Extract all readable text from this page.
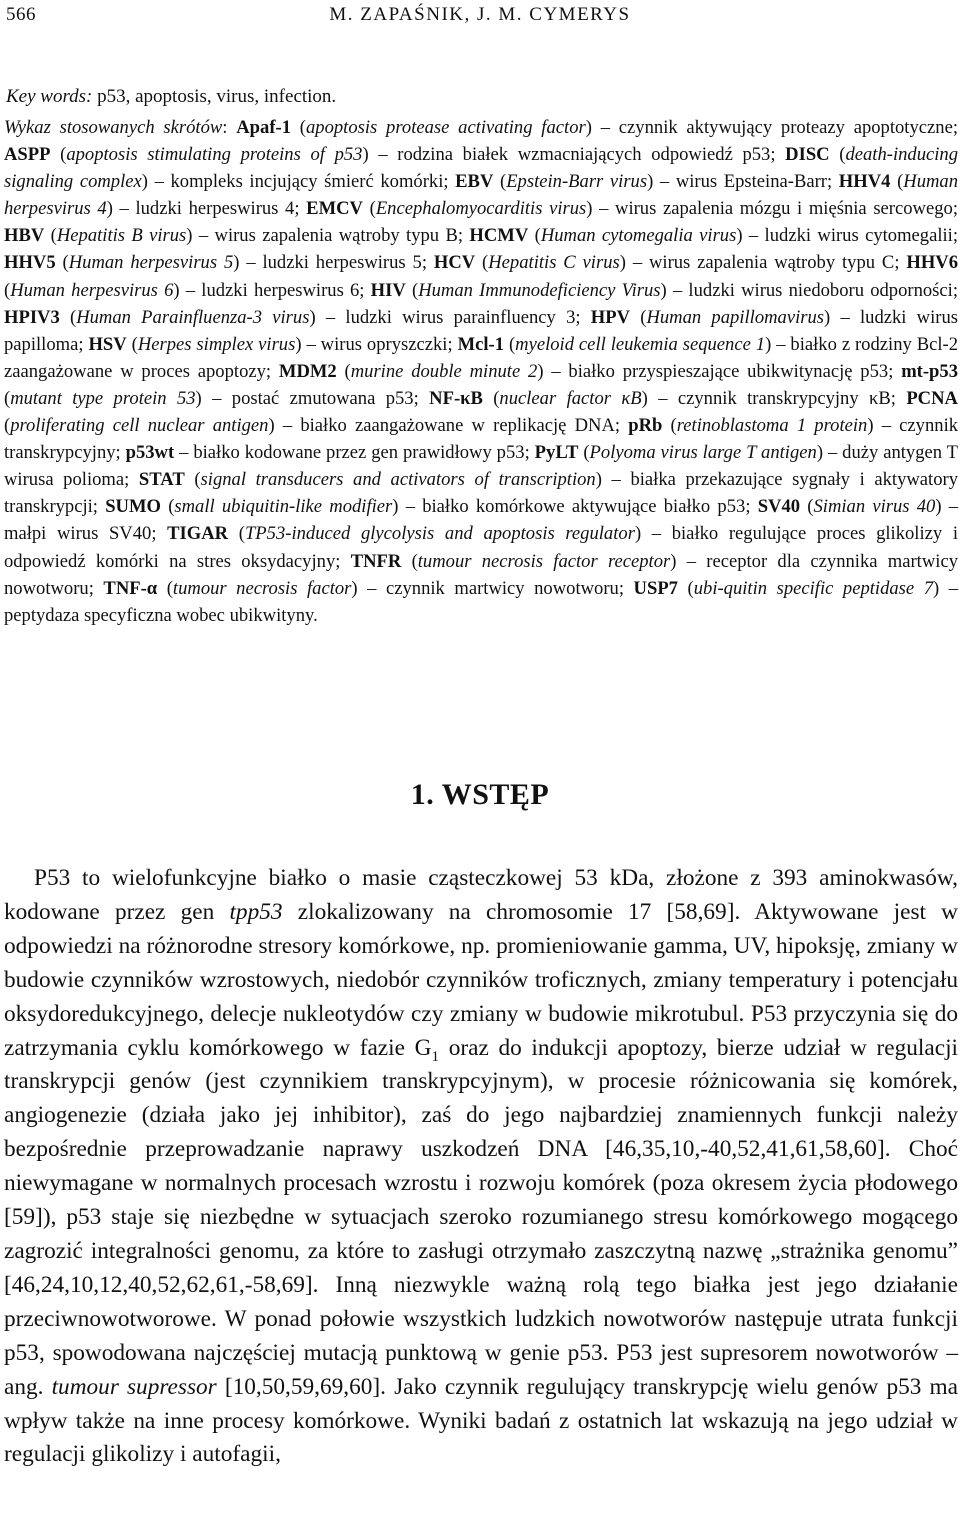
566	M. ZAPAŚNIK, J. M. CYMERYS
Key words: p53, apoptosis, virus, infection.
Wykaz stosowanych skrótów: Apaf-1 (apoptosis protease activating factor) – czynnik aktywujący proteazy apoptotyczne; ASPP (apoptosis stimulating proteins of p53) – rodzina białek wzmacniających odpowiedź p53; DISC (death-inducing signaling complex) – kompleks incjujący śmierć komórki; EBV (Epstein-Barr virus) – wirus Epsteina-Barr; HHV4 (Human herpesvirus 4) – ludzki herpeswirus 4; EMCV (Encephalomyocarditis virus) – wirus zapalenia mózgu i mięśnia sercowego; HBV (Hepatitis B virus) – wirus zapalenia wątroby typu B; HCMV (Human cytomegalia virus) – ludzki wirus cytomegalii; HHV5 (Human herpesvirus 5) – ludzki herpeswirus 5; HCV (Hepatitis C virus) – wirus zapalenia wątroby typu C; HHV6 (Human herpesvirus 6) – ludzki herpeswirus 6; HIV (Human Immunodeficiency Virus) – ludzki wirus niedoboru odporności; HPIV3 (Human Parainfluenza-3 virus) – ludzki wirus parainfluency 3; HPV (Human papillomavirus) – ludzki wirus papilloma; HSV (Herpes simplex virus) – wirus opryszczki; Mcl-1 (myeloid cell leukemia sequence 1) – białko z rodziny Bcl-2 zaangażowane w proces apoptozy; MDM2 (murine double minute 2) – białko przyspieszające ubikwitynację p53; mt-p53 (mutant type protein 53) – postać zmutowana p53; NF-κB (nuclear factor κB) – czynnik transkrypcyjny κB; PCNA (proliferating cell nuclear antigen) – białko zaangażowane w replikację DNA; pRb (retinoblastoma 1 protein) – czynnik transkrypcyjny; p53wt – białko kodowane przez gen prawidłowy p53; PyLT (Polyoma virus large T antigen) – duży antygen T wirusa polioma; STAT (signal transducers and activators of transcription) – białka przekazujące sygnały i aktywatory transkrypcji; SUMO (small ubiquitin-like modifier) – białko komórkowe aktywujące białko p53; SV40 (Simian virus 40) – małpi wirus SV40; TIGAR (TP53-induced glycolysis and apoptosis regulator) – białko regulujące proces glikolizy i odpowiedź komórki na stres oksydacyjny; TNFR (tumour necrosis factor receptor) – receptor dla czynnika martwicy nowotworu; TNF-α (tumour necrosis factor) – czynnik martwicy nowotworu; USP7 (ubi-quitin specific peptidase 7) – peptydaza specyficzna wobec ubikwityny.
1. WSTĘP
P53 to wielofunkcyjne białko o masie cząsteczkowej 53 kDa, złożone z 393 aminokwasów, kodowane przez gen tpp53 zlokalizowany na chromosomie 17 [58,69]. Aktywowane jest w odpowiedzi na różnorodne stresory komórkowe, np. promieniowanie gamma, UV, hipoksję, zmiany w budowie czynników wzrostowych, niedobór czynników troficznych, zmiany temperatury i potencjału oksydoredukcyjnego, delecje nukleotydów czy zmiany w budowie mikrotubul. P53 przyczynia się do zatrzymania cyklu komórkowego w fazie $G_1$ oraz do indukcji apoptozy, bierze udział w regulacji transkrypcji genów (jest czynnikiem transkrypcyjnym), w procesie różnicowania się komórek, angiogenezie (działa jako jej inhibitor), zaś do jego najbardziej znamiennych funkcji należy bezpośrednie przeprowadzanie naprawy uszkodzeń DNA [46,35,10,-40,52,41,61,58,60]. Choć niewymagane w normalnych procesach wzrostu i rozwoju komórek (poza okresem życia płodowego [59]), p53 staje się niezbędne w sytuacjach szeroko rozumianego stresu komórkowego mogącego zagrozić integralności genomu, za które to zasługi otrzymało zaszczytną nazwę „strażnika genomu” [46,24,10,12,40,52,62,61,-58,69]. Inną niezwykle ważną rolą tego białka jest jego działanie przeciwnowotworowe. W ponad połowie wszystkich ludzkich nowotworów następuje utrata funkcji p53, spowodowana najczęściej mutacją punktową w genie p53. P53 jest supresorem nowotworów – ang. tumour supressor [10,50,59,69,60]. Jako czynnik regulujący transkrypcję wielu genów p53 ma wpływ także na inne procesy komórkowe. Wyniki badań z ostatnich lat wskazują na jego udział w regulacji glikolizy i autofagii,
